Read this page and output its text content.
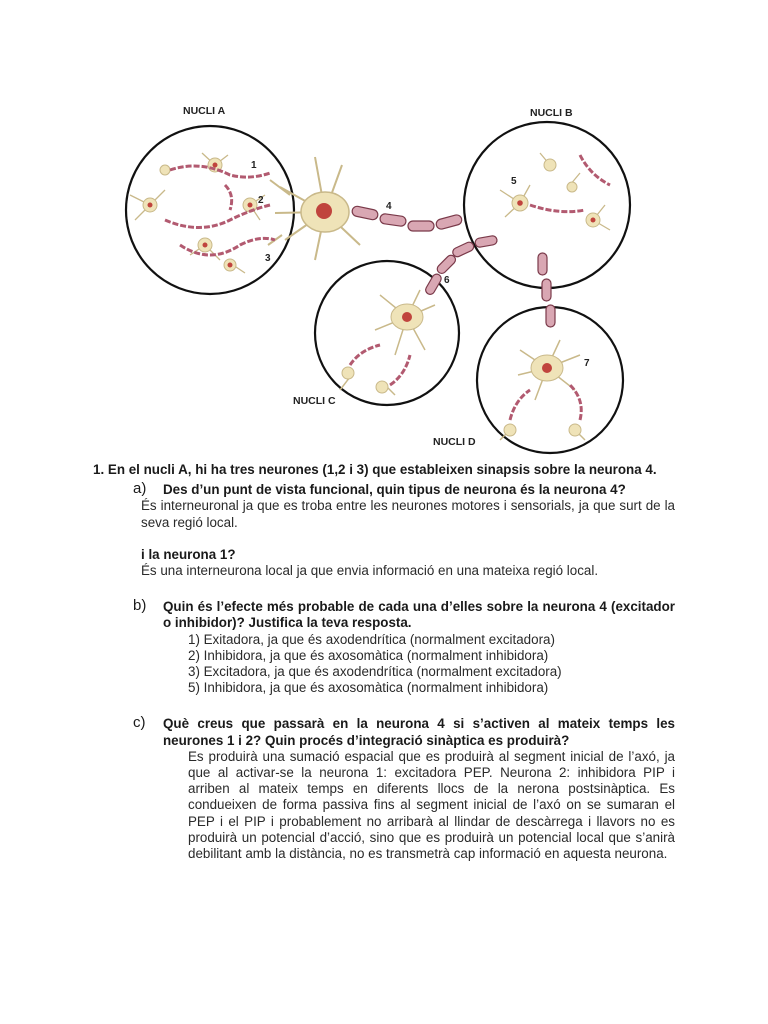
NUCLI A	NUCLI B
NUCLI C
NUCLI D
1
2
3
4
5
6
7
1. En el nucli A, hi ha tres neurones (1,2 i 3) que estableixen sinapsis sobre la neurona 4.
a) Des d’un punt de vista funcional, quin tipus de neurona és la neurona 4?
És interneuronal ja que es troba entre les neurones motores i sensorials, ja que surt de la seva regió local.
i la neurona 1?
És una interneurona local ja que envia informació en una mateixa regió local.
b) Quin és l’efecte més probable de cada una d’elles sobre la neurona 4 (excitador o inhibidor)? Justifica la teva resposta.
1) Exitadora, ja que és axodendrítica (normalment excitadora)
2) Inhibidora, ja que és axosomàtica (normalment inhibidora)
3) Excitadora, ja que és axodendrítica (normalment excitadora)
5) Inhibidora, ja que és axosomàtica (normalment inhibidora)
c) Què creus que passarà en la neurona 4 si s’activen al mateix temps les neurones 1 i 2? Quin procés d’integració sinàptica es produirà?
Es produirà una sumació espacial que es produirà al segment inicial de l’axó, ja que al activar-se la neurona 1: excitadora PEP. Neurona 2: inhibidora PIP i arriben al mateix temps en diferents llocs de la nerona postsinàptica. Es condueixen de forma passiva fins al segment inicial de l’axó on se sumaran el PEP i el PIP i probablement no arribarà al llindar de descàrrega i llavors no es produirà un potencial d’acció, sino que es produirà un potencial local que s’anirà debilitant amb la distància, no es transmetrà cap informació en aquesta neurona.
